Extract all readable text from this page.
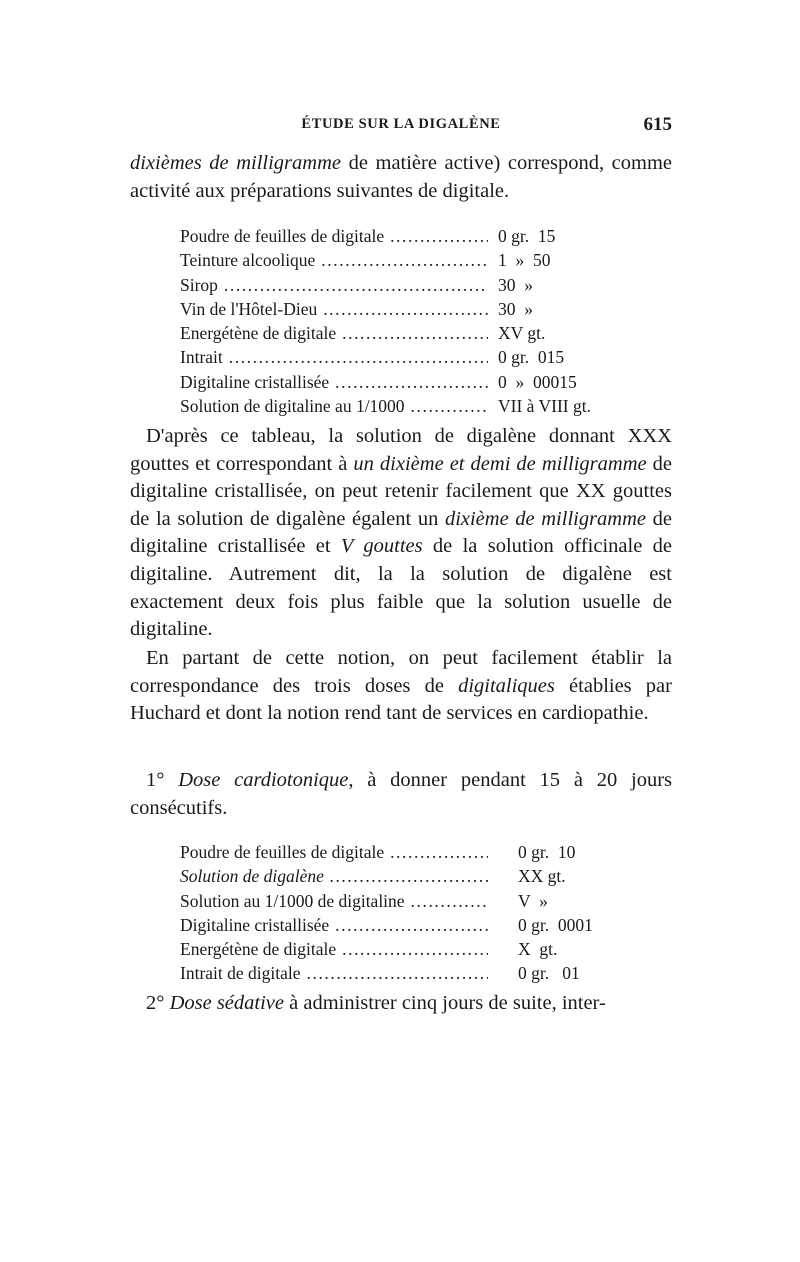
ÉTUDE SUR LA DIGALÈNE	615

dixièmes de milligramme de matière active) correspond, comme activité aux préparations suivantes de digitale.

Poudre de feuilles de digitale .....	0 gr.  15
Teinture alcoolique .....	1  »  50
Sirop .....	30  »
Vin de l'Hôtel-Dieu .....	30  »
Energétène de digitale .....	XV gt.
Intrait .....	0 gr.  015
Digitaline cristallisée .....	0  »  00015
Solution de digitaline au 1/1000 .....	VII à VIII gt.

D'après ce tableau, la solution de digalène donnant XXX gouttes et correspondant à un dixième et demi de milligramme de digitaline cristallisée, on peut retenir facilement que XX gouttes de la solution de digalène égalent un dixième de milligramme de digitaline cristallisée et V gouttes de la solution officinale de digitaline. Autrement dit, la la solution de digalène est exactement deux fois plus faible que la solution usuelle de digitaline.

En partant de cette notion, on peut facilement établir la correspondance des trois doses de digitaliques établies par Huchard et dont la notion rend tant de services en cardiopathie.

1° Dose cardiotonique, à donner pendant 15 à 20 jours consécutifs.

Poudre de feuilles de digitale .....	0 gr.  10
Solution de digalène .....	XX gt.
Solution au 1/1000 de digitaline .....	V  »
Digitaline cristallisée .....	0 gr.  0001
Energétène de digitale .....	X  gt.
Intrait de digitale .....	0 gr.   01

2° Dose sédative à administrer cinq jours de suite, inter-
